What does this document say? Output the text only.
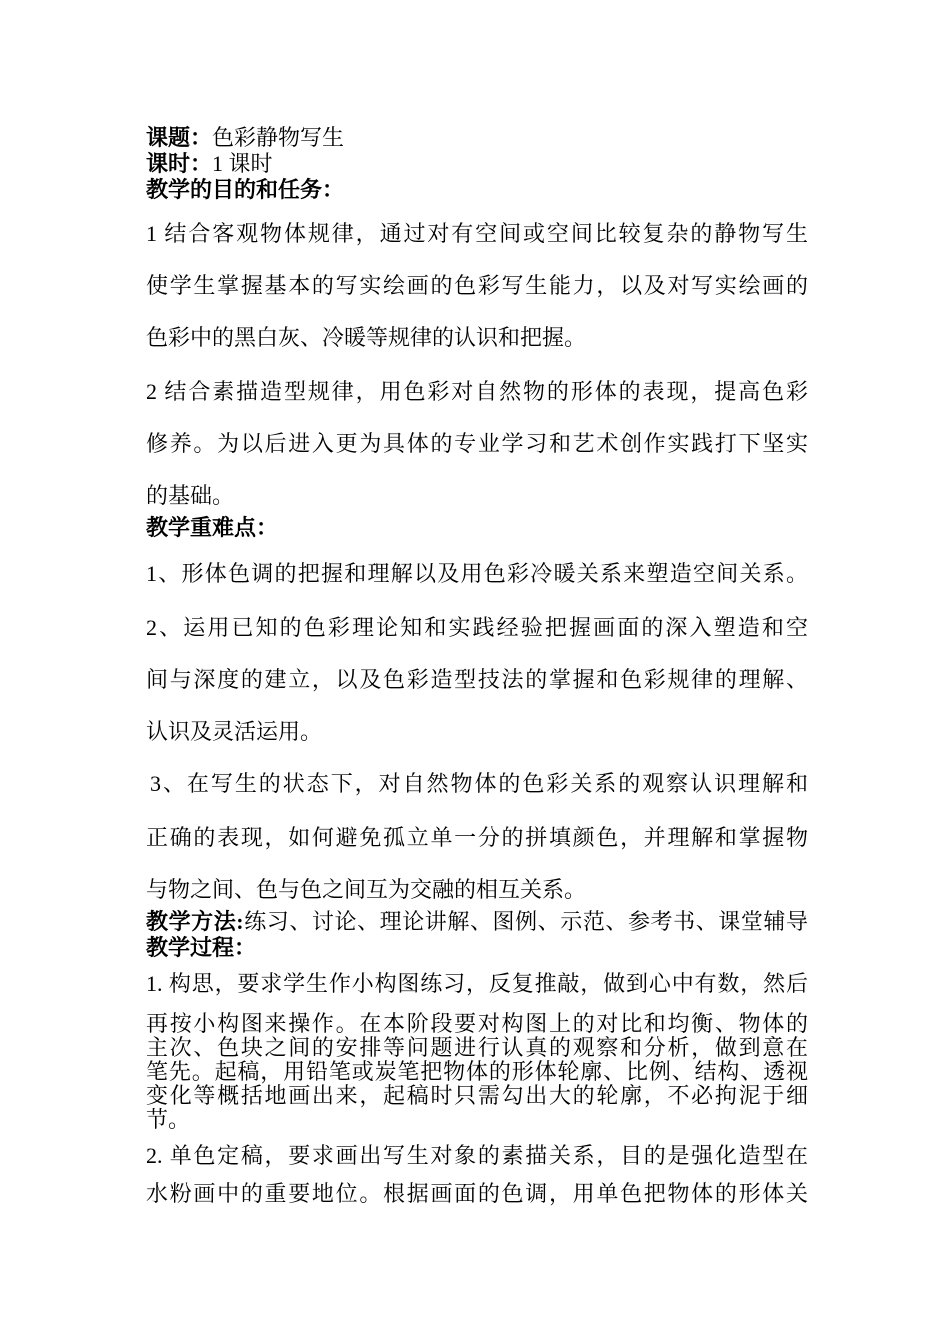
课题：色彩静物写生
课时：1 课时
教学的目的和任务：
1 结合客观物体规律，通过对有空间或空间比较复杂的静物写生
使学生掌握基本的写实绘画的色彩写生能力，以及对写实绘画的
色彩中的黑白灰、冷暖等规律的认识和把握。
2 结合素描造型规律，用色彩对自然物的形体的表现，提高色彩
修养。为以后进入更为具体的专业学习和艺术创作实践打下坚实
的基础。
教学重难点：
1、形体色调的把握和理解以及用色彩冷暖关系来塑造空间关系。
2、运用已知的色彩理论知和实践经验把握画面的深入塑造和空
间与深度的建立，以及色彩造型技法的掌握和色彩规律的理解、
认识及灵活运用。
3、在写生的状态下，对自然物体的色彩关系的观察认识理解和
正确的表现，如何避免孤立单一分的拼填颜色，并理解和掌握物
与物之间、色与色之间互为交融的相互关系。
教学方法:练习、讨论、理论讲解、图例、示范、参考书、课堂辅导
教学过程：
1. 构思，要求学生作小构图练习，反复推敲，做到心中有数，然后
再按小构图来操作。在本阶段要对构图上的对比和均衡、物体的
主次、色块之间的安排等问题进行认真的观察和分析，做到意在
笔先。起稿，用铅笔或炭笔把物体的形体轮廓、比例、结构、透视
变化等概括地画出来，起稿时只需勾出大的轮廓，不必拘泥于细
节。
2. 单色定稿，要求画出写生对象的素描关系，目的是强化造型在
水粉画中的重要地位。根据画面的色调，用单色把物体的形体关
